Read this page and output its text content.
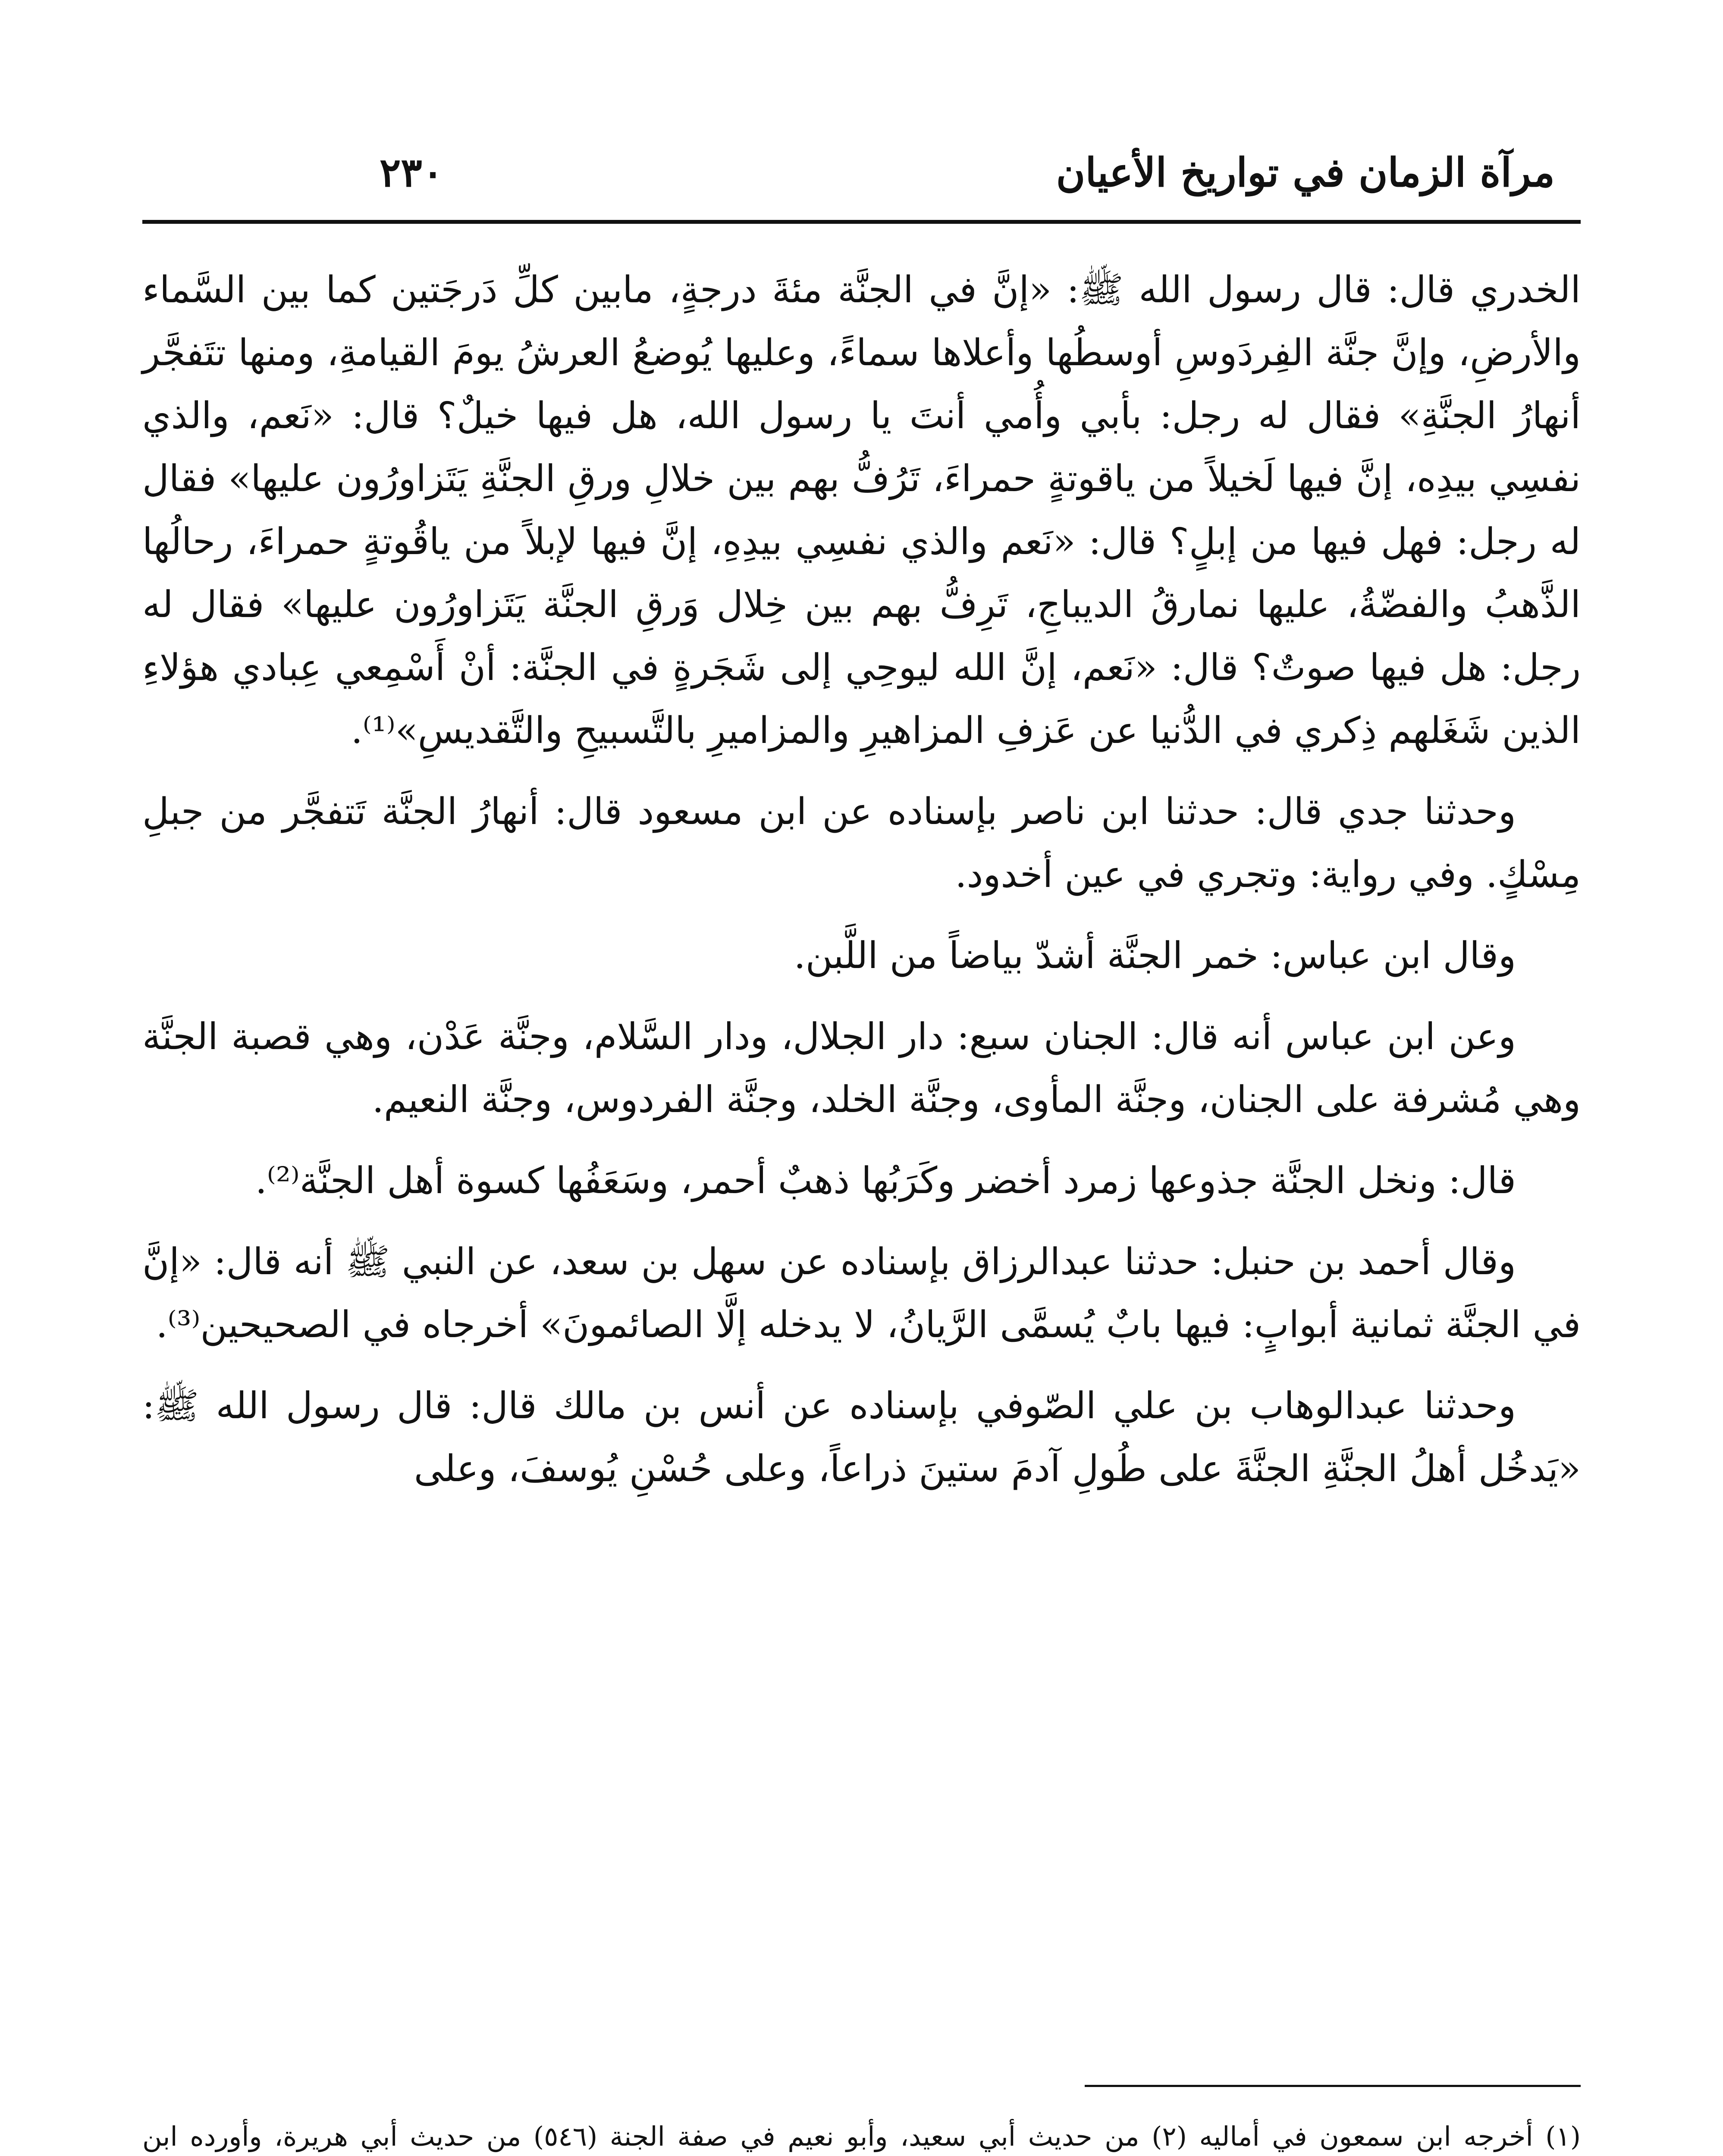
مرآة الزمان في تواريخ الأعيان
٢٣٠

الخدري قال: قال رسول الله ﷺ: «إنَّ في الجنَّة مئةَ درجةٍ، مابين كلِّ دَرجَتين كما بين السَّماء والأرضِ، وإنَّ جنَّة الفِردَوسِ أوسطُها وأعلاها سماءً، وعليها يُوضعُ العرشُ يومَ القيامةِ، ومنها تتَفجَّر أنهارُ الجنَّةِ» فقال له رجل: بأبي وأُمي أنتَ يا رسول الله، هل فيها خيلٌ؟ قال: «نَعم، والذي نفسِي بيدِه، إنَّ فيها لَخيلاً من ياقوتةٍ حمراءَ، تَرُفُّ بهم بين خلالِ ورقِ الجنَّةِ يَتَزاورُون عليها» فقال له رجل: فهل فيها من إبلٍ؟ قال: «نَعم والذي نفسِي بيدِهِ، إنَّ فيها لإبلاً من ياقُوتةٍ حمراءَ، رحالُها الذَّهبُ والفضّةُ، عليها نمارقُ الديباجِ، تَرِفُّ بهم بين خِلال وَرقِ الجنَّة يَتَزاورُون عليها» فقال له رجل: هل فيها صوتٌ؟ قال: «نَعم، إنَّ الله ليوحِي إلى شَجَرةٍ في الجنَّة: أنْ أَسْمِعي عِبادي هؤلاءِ الذين شَغَلهم ذِكري في الدُّنيا عن عَزفِ المزاهيرِ والمزاميرِ بالتَّسبيحِ والتَّقديسِ»⁽¹⁾.

وحدثنا جدي قال: حدثنا ابن ناصر بإسناده عن ابن مسعود قال: أنهارُ الجنَّة تَتفجَّر من جبلِ مِسْكٍ. وفي رواية: وتجري في عين أخدود.

وقال ابن عباس: خمر الجنَّة أشدّ بياضاً من اللَّبن.

وعن ابن عباس أنه قال: الجنان سبع: دار الجلال، ودار السَّلام، وجنَّة عَدْن، وهي قصبة الجنَّة وهي مُشرفة على الجنان، وجنَّة المأوى، وجنَّة الخلد، وجنَّة الفردوس، وجنَّة النعيم.

قال: ونخل الجنَّة جذوعها زمرد أخضر وكَرَبُها ذهبٌ أحمر، وسَعَفُها كسوة أهل الجنَّة⁽²⁾.

وقال أحمد بن حنبل: حدثنا عبدالرزاق بإسناده عن سهل بن سعد، عن النبي ﷺ أنه قال: «إنَّ في الجنَّة ثمانية أبوابٍ: فيها بابٌ يُسمَّى الرَّيانُ، لا يدخله إلَّا الصائمونَ» أخرجاه في الصحيحين⁽³⁾.

وحدثنا عبدالوهاب بن علي الصّوفي بإسناده عن أنس بن مالك قال: قال رسول الله ﷺ: «يَدخُل أهلُ الجنَّةِ الجنَّةَ على طُولِ آدمَ ستينَ ذراعاً، وعلى حُسْنِ يُوسفَ، وعلى

(١) أخرجه ابن سمعون في أماليه (٢) من حديث أبي سعيد، وأبو نعيم في صفة الجنة (٥٤٦) من حديث أبي هريرة، وأورده ابن
